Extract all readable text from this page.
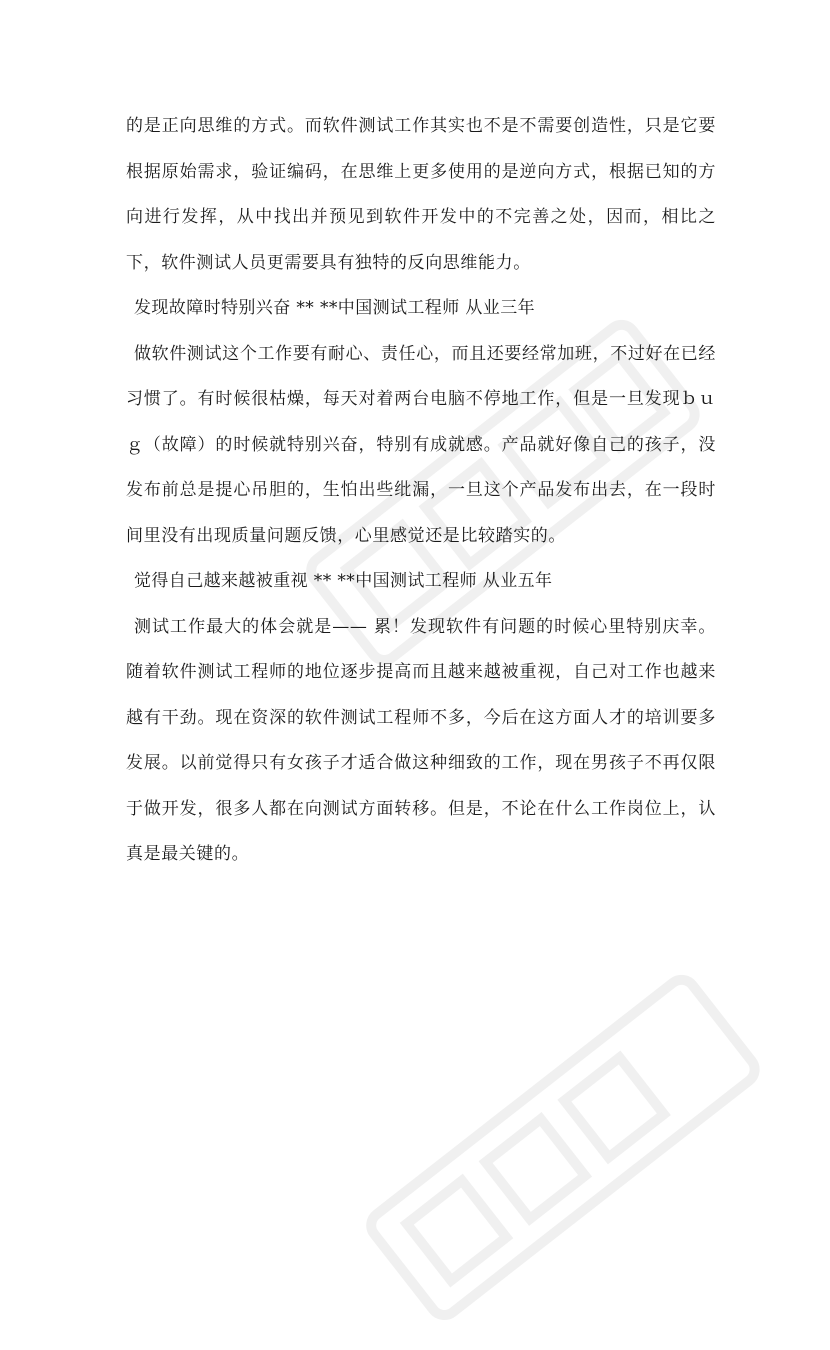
的是正向思维的方式。而软件测试工作其实也不是不需要创造性，只是它要根据原始需求，验证编码，在思维上更多使用的是逆向方式，根据已知的方向进行发挥，从中找出并预见到软件开发中的不完善之处，因而，相比之下，软件测试人员更需要具有独特的反向思维能力。

发现故障时特别兴奋 ** **中国测试工程师 从业三年

做软件测试这个工作要有耐心、责任心，而且还要经常加班，不过好在已经习惯了。有时候很枯燥，每天对着两台电脑不停地工作，但是一旦发现ｂｕｇ（故障）的时候就特别兴奋，特别有成就感。产品就好像自己的孩子，没发布前总是提心吊胆的，生怕出些纰漏，一旦这个产品发布出去，在一段时间里没有出现质量问题反馈，心里感觉还是比较踏实的。

觉得自己越来越被重视 ** **中国测试工程师 从业五年

测试工作最大的体会就是—— 累！发现软件有问题的时候心里特别庆幸。随着软件测试工程师的地位逐步提高而且越来越被重视，自己对工作也越来越有干劲。现在资深的软件测试工程师不多，今后在这方面人才的培训要多发展。以前觉得只有女孩子才适合做这种细致的工作，现在男孩子不再仅限于做开发，很多人都在向测试方面转移。但是，不论在什么工作岗位上，认真是最关键的。
